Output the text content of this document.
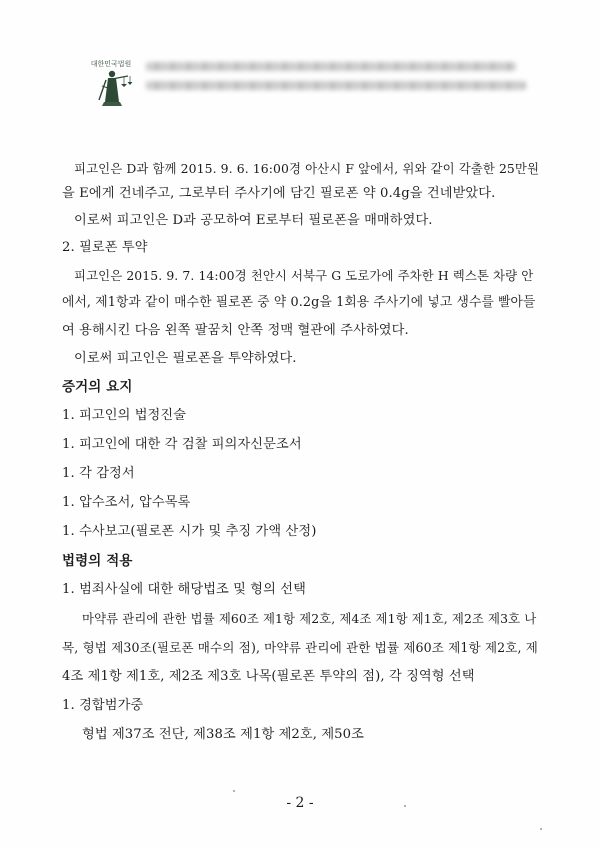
대한민국법원
피고인은 D과 함께 2015. 9. 6. 16:00경 아산시 F 앞에서, 위와 같이 각출한 25만원
을 E에게 건네주고, 그로부터 주사기에 담긴 필로폰 약 0.4g을 건네받았다.
이로써 피고인은 D과 공모하여 E로부터 필로폰을 매매하였다.
2. 필로폰 투약
피고인은 2015. 9. 7. 14:00경 천안시 서북구 G 도로가에 주차한 H 렉스톤 차량 안
에서, 제1항과 같이 매수한 필로폰 중 약 0.2g을 1회용 주사기에 넣고 생수를 빨아들
여 용해시킨 다음 왼쪽 팔꿈치 안쪽 정맥 혈관에 주사하였다.
이로써 피고인은 필로폰을 투약하였다.
증거의 요지
1. 피고인의 법정진술
1. 피고인에 대한 각 검찰 피의자신문조서
1. 각 감정서
1. 압수조서, 압수목록
1. 수사보고(필로폰 시가 및 추징 가액 산정)
법령의 적용
1. 범죄사실에 대한 해당법조 및 형의 선택
마약류 관리에 관한 법률 제60조 제1항 제2호, 제4조 제1항 제1호, 제2조 제3호 나
목, 형법 제30조(필로폰 매수의 점), 마약류 관리에 관한 법률 제60조 제1항 제2호, 제
4조 제1항 제1호, 제2조 제3호 나목(필로폰 투약의 점), 각 징역형 선택
1. 경합범가중
형법 제37조 전단, 제38조 제1항 제2호, 제50조
- 2 -
